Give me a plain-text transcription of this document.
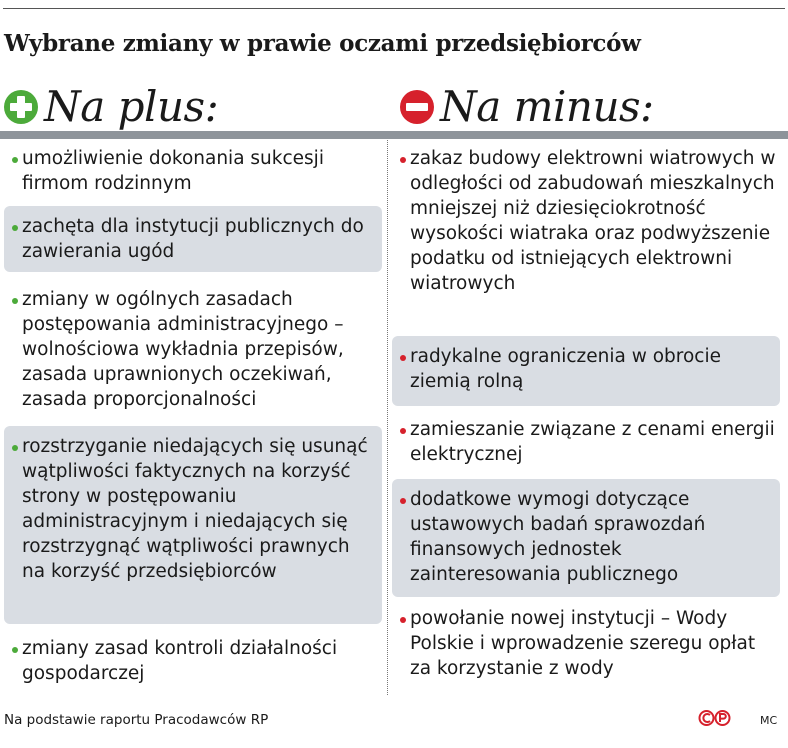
Wybrane zmiany w prawie oczami przedsiębiorców
Na plus:	Na minus:
umożliwienie dokonania sukcesji firmom rodzinnym
zachęta dla instytucji publicznych do zawierania ugód
zmiany w ogólnych zasadach postępowania administracyjnego – wolnościowa wykładnia przepisów, zasada uprawnionych oczekiwań, zasada proporcjonalności
rozstrzyganie niedających się usunąć wątpliwości faktycznych na korzyść strony w postępowaniu administracyjnym i niedających się rozstrzygnąć wątpliwości prawnych na korzyść przedsiębiorców
zmiany zasad kontroli działalności gospodarczej
zakaz budowy elektrowni wiatrowych w odległości od zabudowań mieszkalnych mniejszej niż dziesięciokrotność wysokości wiatraka oraz podwyższenie podatku od istniejących elektrowni wiatrowych
radykalne ograniczenia w obrocie ziemią rolną
zamieszanie związane z cenami energii elektrycznej
dodatkowe wymogi dotyczące ustawowych badań sprawozdań finansowych jednostek zainteresowania publicznego
powołanie nowej instytucji – Wody Polskie i wprowadzenie szeregu opłat za korzystanie z wody
Na podstawie raportu Pracodawców RP	MC
